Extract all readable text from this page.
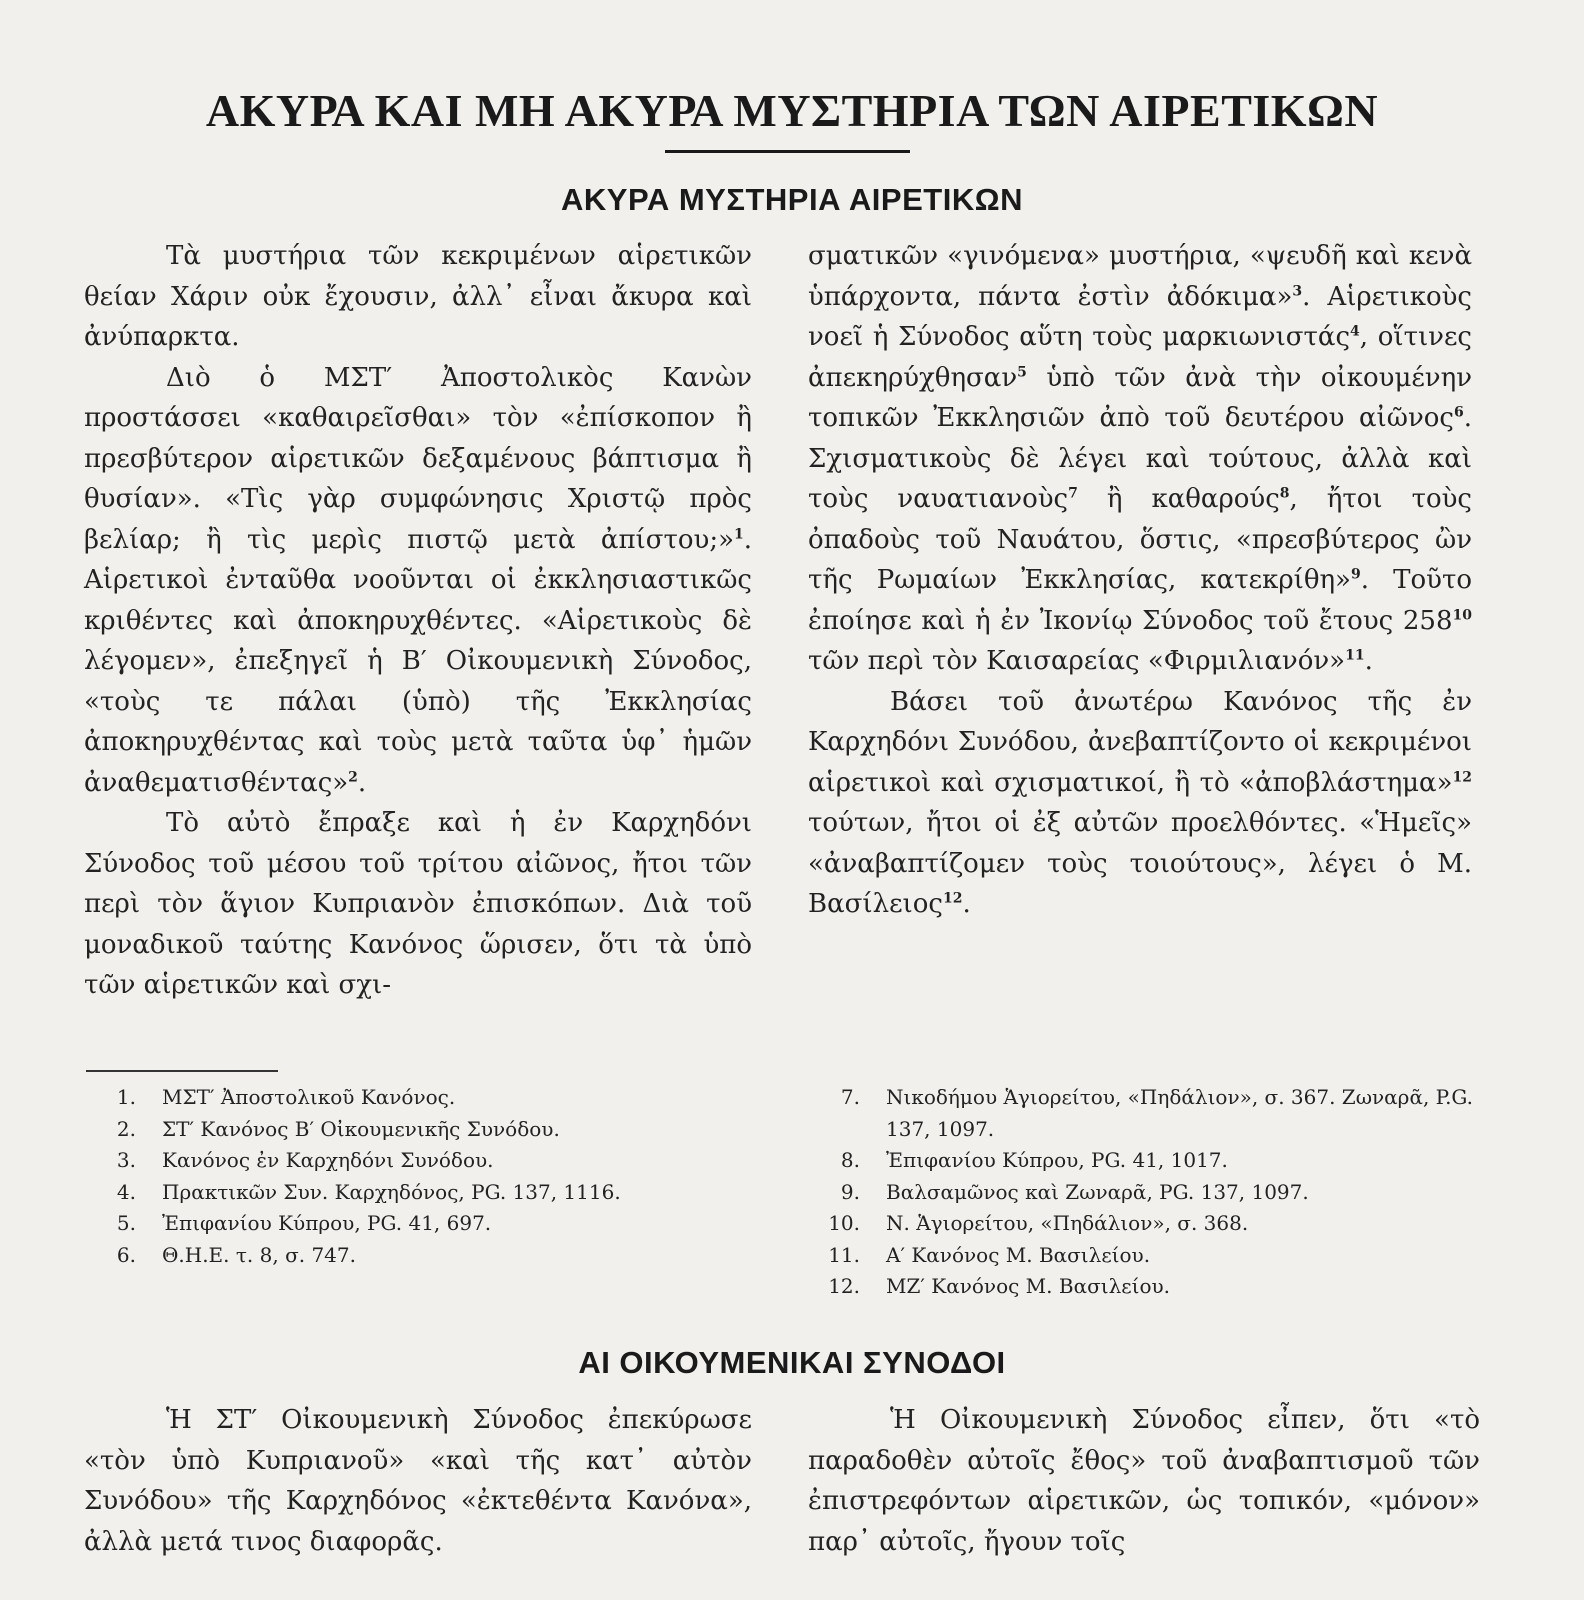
ΑΚΥΡΑ ΚΑΙ ΜΗ ΑΚΥΡΑ ΜΥΣΤΗΡΙΑ ΤΩΝ ΑΙΡΕΤΙΚΩΝ
ΑΚΥΡΑ ΜΥΣΤΗΡΙΑ ΑΙΡΕΤΙΚΩΝ

Τὰ μυστήρια τῶν κεκριμένων αἱρετικῶν θείαν Χάριν οὐκ ἔχουσιν, ἀλλ᾽ εἶναι ἄκυρα καὶ ἀνύπαρκτα.

Διὸ ὁ ΜΣΤ′ Ἀποστολικὸς Κανὼν προστάσσει «καθαιρεῖσθαι» τὸν «ἐπίσκοπον ἢ πρεσβύτερον αἱρετικῶν δεξαμένους βάπτισμα ἢ θυσίαν». «Τὶς γὰρ συμφώνησις Χριστῷ πρὸς βελίαρ; ἢ τὶς μερὶς πιστῷ μετὰ ἀπίστου;»$^1$. Αἱρετικοὶ ἐνταῦθα νοοῦνται οἱ ἐκκλησιαστικῶς κριθέντες καὶ ἀποκηρυχθέντες. «Αἱρετικοὺς δὲ λέγομεν», ἐπεξηγεῖ ἡ Β′ Οἰκουμενικὴ Σύνοδος, «τοὺς τε πάλαι (ὑπὸ) τῆς Ἐκκλησίας ἀποκηρυχθέντας καὶ τοὺς μετὰ ταῦτα ὑφ᾽ ἡμῶν ἀναθεματισθέντας»$^2$.

Τὸ αὐτὸ ἔπραξε καὶ ἡ ἐν Καρχηδόνι Σύνοδος τοῦ μέσου τοῦ τρίτου αἰῶνος, ἤτοι τῶν περὶ τὸν ἅγιον Κυπριανὸν ἐπισκόπων. Διὰ τοῦ μοναδικοῦ ταύτης Κανόνος ὥρισεν, ὅτι τὰ ὑπὸ τῶν αἱρετικῶν καὶ σχι-

σματικῶν «γινόμενα» μυστήρια, «ψευδῆ καὶ κενὰ ὑπάρχοντα, πάντα ἐστὶν ἀδόκιμα»$^3$. Αἱρετικοὺς νοεῖ ἡ Σύνοδος αὕτη τοὺς μαρκιωνιστάς$^4$, οἵτινες ἀπεκηρύχθησαν$^5$ ὑπὸ τῶν ἀνὰ τὴν οἰκουμένην τοπικῶν Ἐκκλησιῶν ἀπὸ τοῦ δευτέρου αἰῶνος$^6$. Σχισματικοὺς δὲ λέγει καὶ τούτους, ἀλλὰ καὶ τοὺς ναυατιανοὺς$^7$ ἢ καθαρούς$^8$, ἤτοι τοὺς ὀπαδοὺς τοῦ Ναυάτου, ὅστις, «πρεσβύτερος ὢν τῆς Ρωμαίων Ἐκκλησίας, κατεκρίθη»$^9$. Τοῦτο ἐποίησε καὶ ἡ ἐν Ἰκονίῳ Σύνοδος τοῦ ἔτους $258^{10}$ τῶν περὶ τὸν Καισαρείας «Φιρμιλιανόν»$^{11}$.

Βάσει τοῦ ἀνωτέρω Κανόνος τῆς ἐν Καρχηδόνι Συνόδου, ἀνεβαπτίζοντο οἱ κεκριμένοι αἱρετικοὶ καὶ σχισματικοί, ἢ τὸ «ἀποβλάστημα»$^{12}$ τούτων, ἤτοι οἱ ἐξ αὐτῶν προελθόντες. «Ἡμεῖς» «ἀναβαπτίζομεν τοὺς τοιούτους», λέγει ὁ Μ. Βασίλειος$^{12}$.

1. ΜΣΤ′ Ἀποστολικοῦ Κανόνος.
2. ΣΤ′ Κανόνος Β′ Οἰκουμενικῆς Συνόδου.
3. Κανόνος ἐν Καρχηδόνι Συνόδου.
4. Πρακτικῶν Συν. Καρχηδόνος, PG. 137, 1116.
5. Ἐπιφανίου Κύπρου, PG. 41, 697.
6. Θ.Η.Ε. τ. 8, σ. 747.
7. Νικοδήμου Ἁγιορείτου, «Πηδάλιον», σ. 367. Ζωναρᾶ, P.G. 137, 1097.
8. Ἐπιφανίου Κύπρου, PG. 41, 1017.
9. Βαλσαμῶνος καὶ Ζωναρᾶ, PG. 137, 1097.
10. Ν. Ἁγιορείτου, «Πηδάλιον», σ. 368.
11. Α′ Κανόνος Μ. Βασιλείου.
12. ΜΖ′ Κανόνος Μ. Βασιλείου.
ΑΙ ΟΙΚΟΥΜΕΝΙΚΑΙ ΣΥΝΟΔΟΙ

Ἡ ΣΤ′ Οἰκουμενικὴ Σύνοδος ἐπεκύρωσε «τὸν ὑπὸ Κυπριανοῦ» «καὶ τῆς κατ᾽ αὐτὸν Συνόδου» τῆς Καρχηδόνος «ἐκτεθέντα Κανόνα», ἀλλὰ μετά τινος διαφορᾶς.

Ἡ Οἰκουμενικὴ Σύνοδος εἶπεν, ὅτι «τὸ παραδοθὲν αὐτοῖς ἔθος» τοῦ ἀναβαπτισμοῦ τῶν ἐπιστρεφόντων αἱρετικῶν, ὡς τοπικόν, «μόνον» παρ᾽ αὐτοῖς, ἤγουν τοῖς
